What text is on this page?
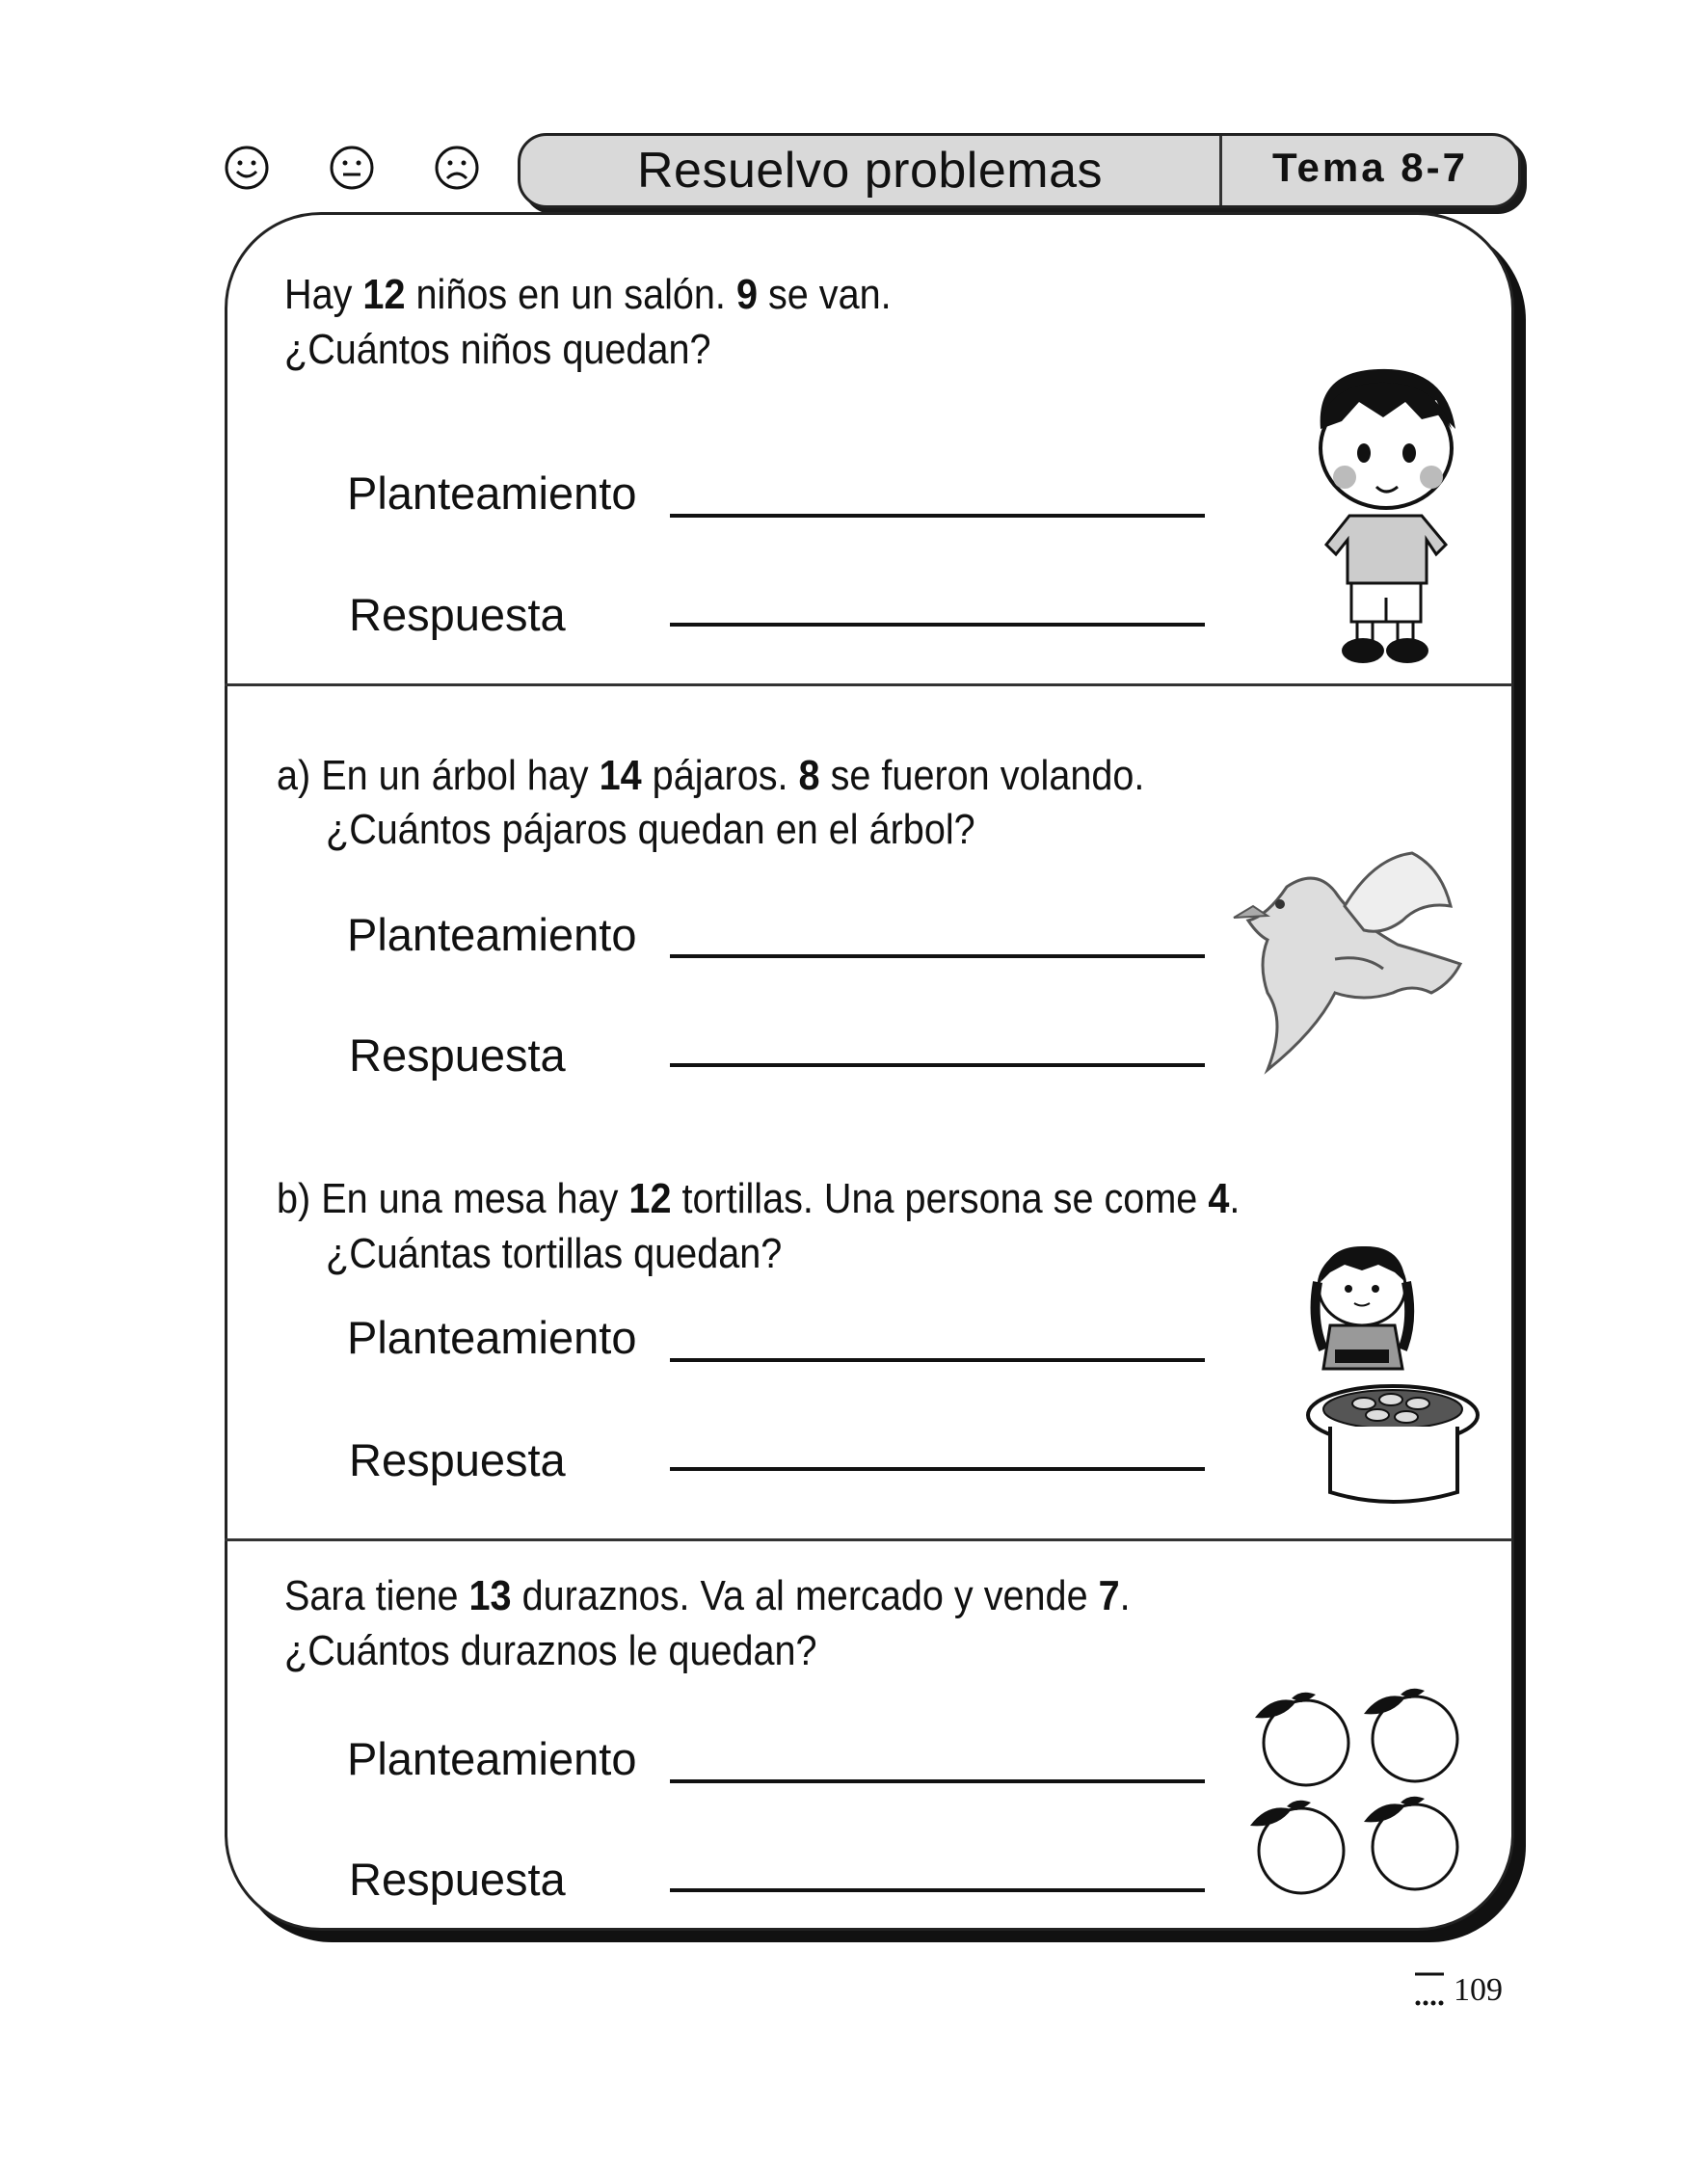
Resuelvo problemas	Tema 8-7
Hay 12 niños en un salón. 9 se van.
¿Cuántos niños quedan?
Planteamiento
Respuesta
a) En un árbol hay 14 pájaros. 8 se fueron volando.
¿Cuántos pájaros quedan en el árbol?
Planteamiento
Respuesta
b) En una mesa hay 12 tortillas. Una persona se come 4.
¿Cuántas tortillas quedan?
Planteamiento
Respuesta
Sara tiene 13 duraznos. Va al mercado y vende 7.
¿Cuántos duraznos le quedan?
Planteamiento
Respuesta
109
